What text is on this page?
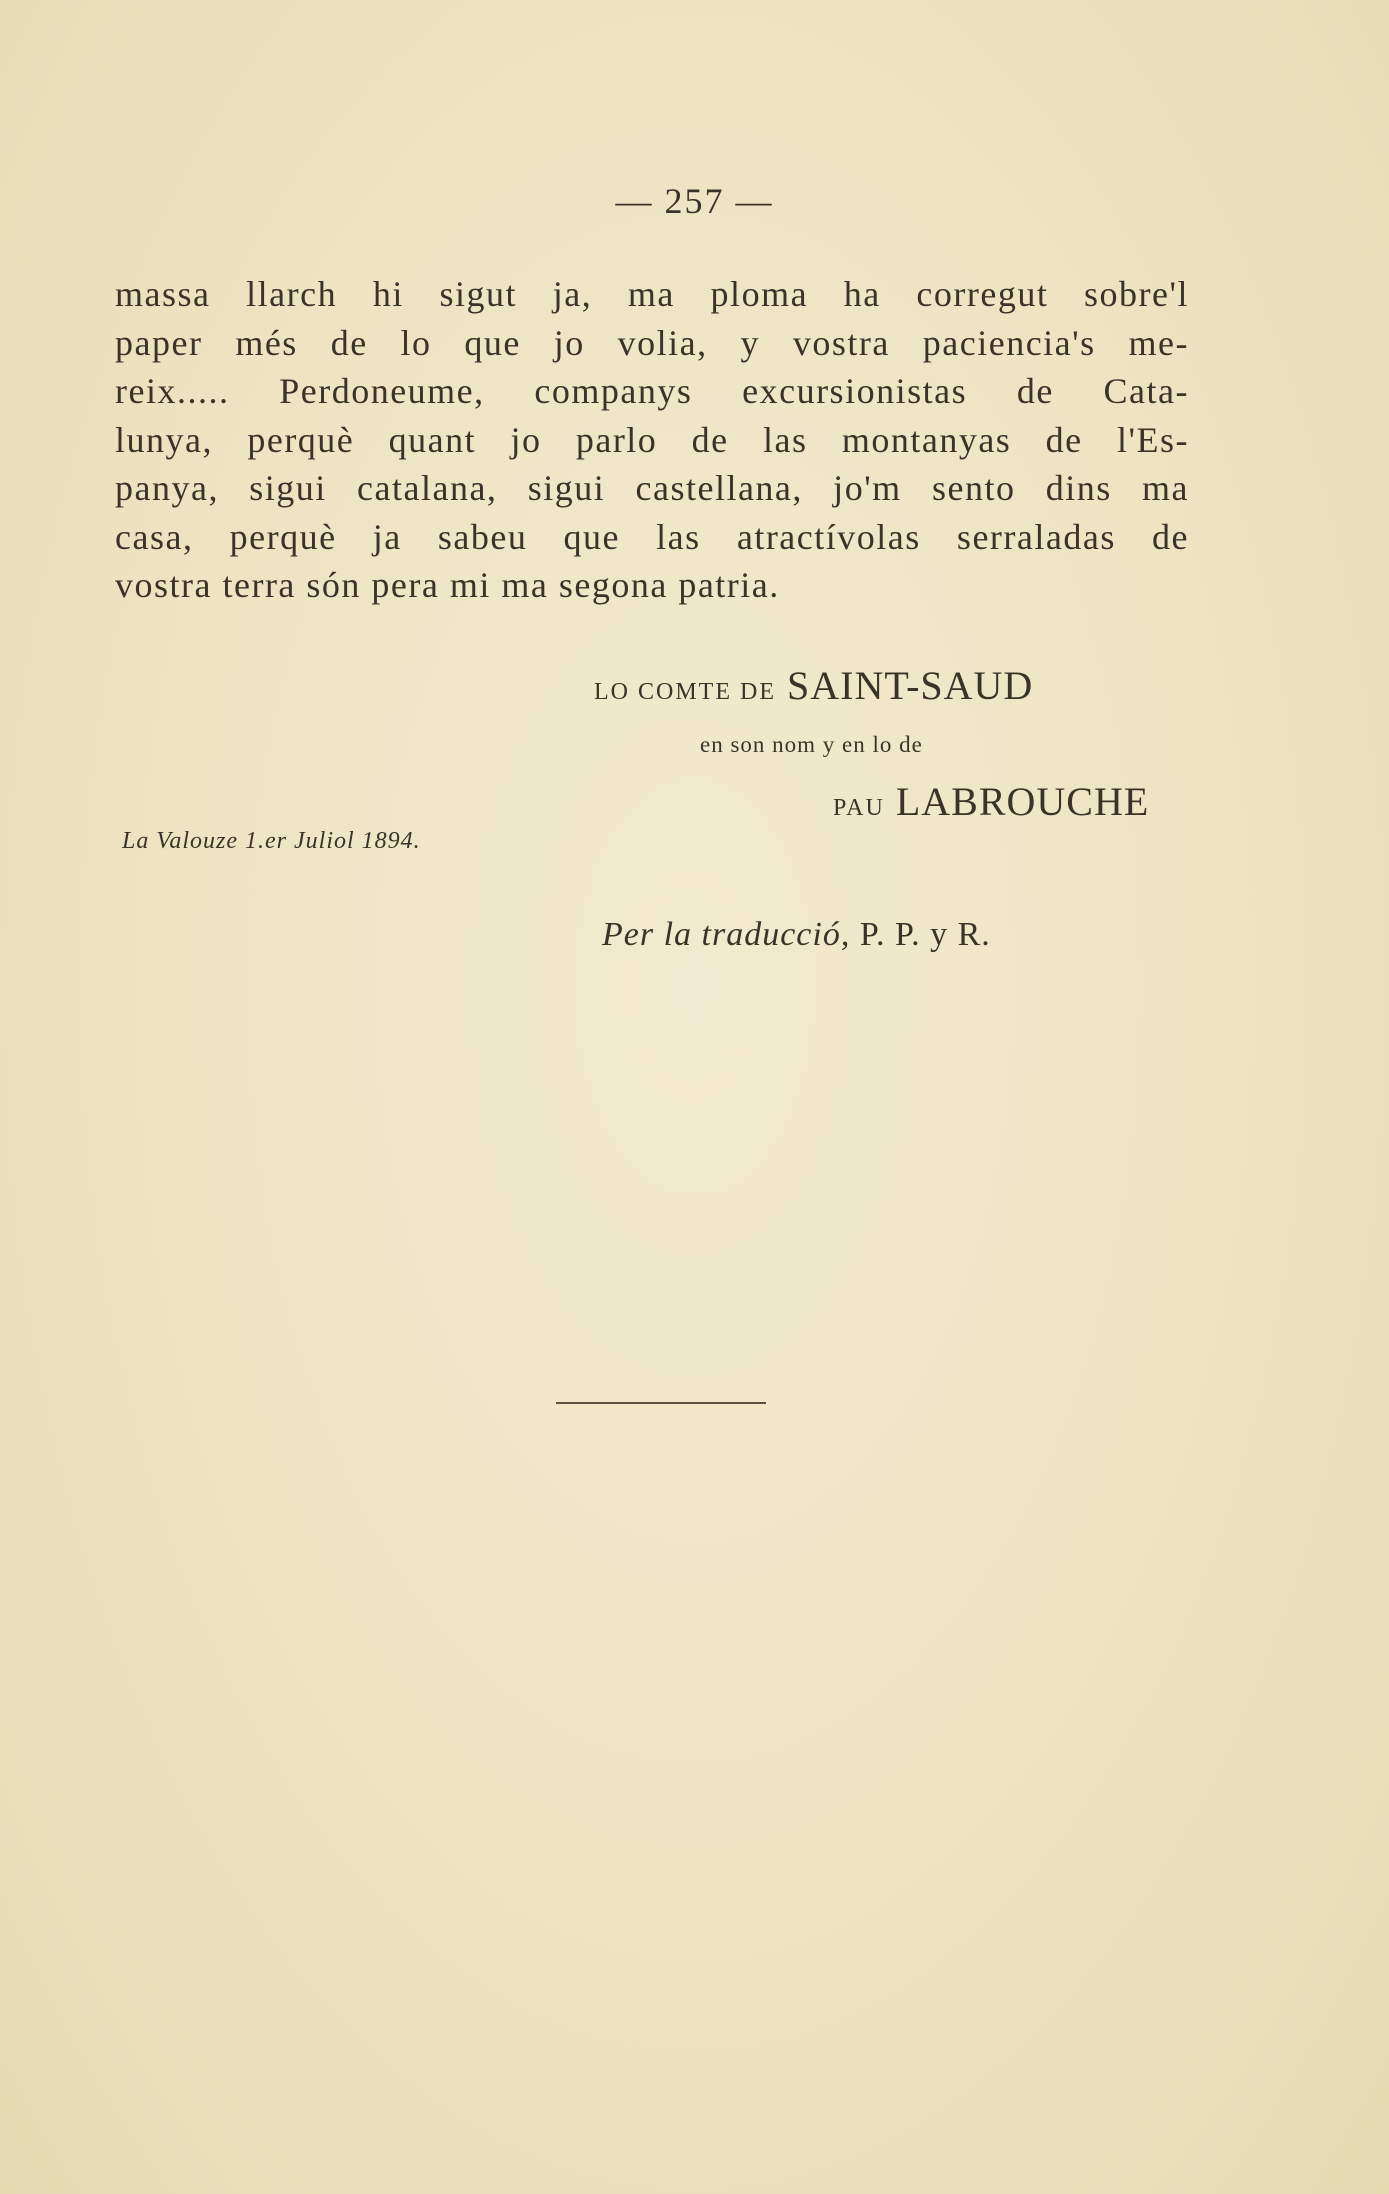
— 257 —
massa llarch hi sigut ja, ma ploma ha corregut sobre'l
paper més de lo que jo volia, y vostra paciencia's me-
reix..... Perdoneume, companys excursionistas de Cata-
lunya, perquè quant jo parlo de las montanyas de l'Es-
panya, sigui catalana, sigui castellana, jo'm sento dins ma
casa, perquè ja sabeu que las atractívolas serraladas de
vostra terra són pera mi ma segona patria.
LO COMTE DE SAINT-SAUD
en son nom y en lo de
PAU LABROUCHE
La Valouze 1.er Juliol 1894.
Per la traducció, P. P. y R.
